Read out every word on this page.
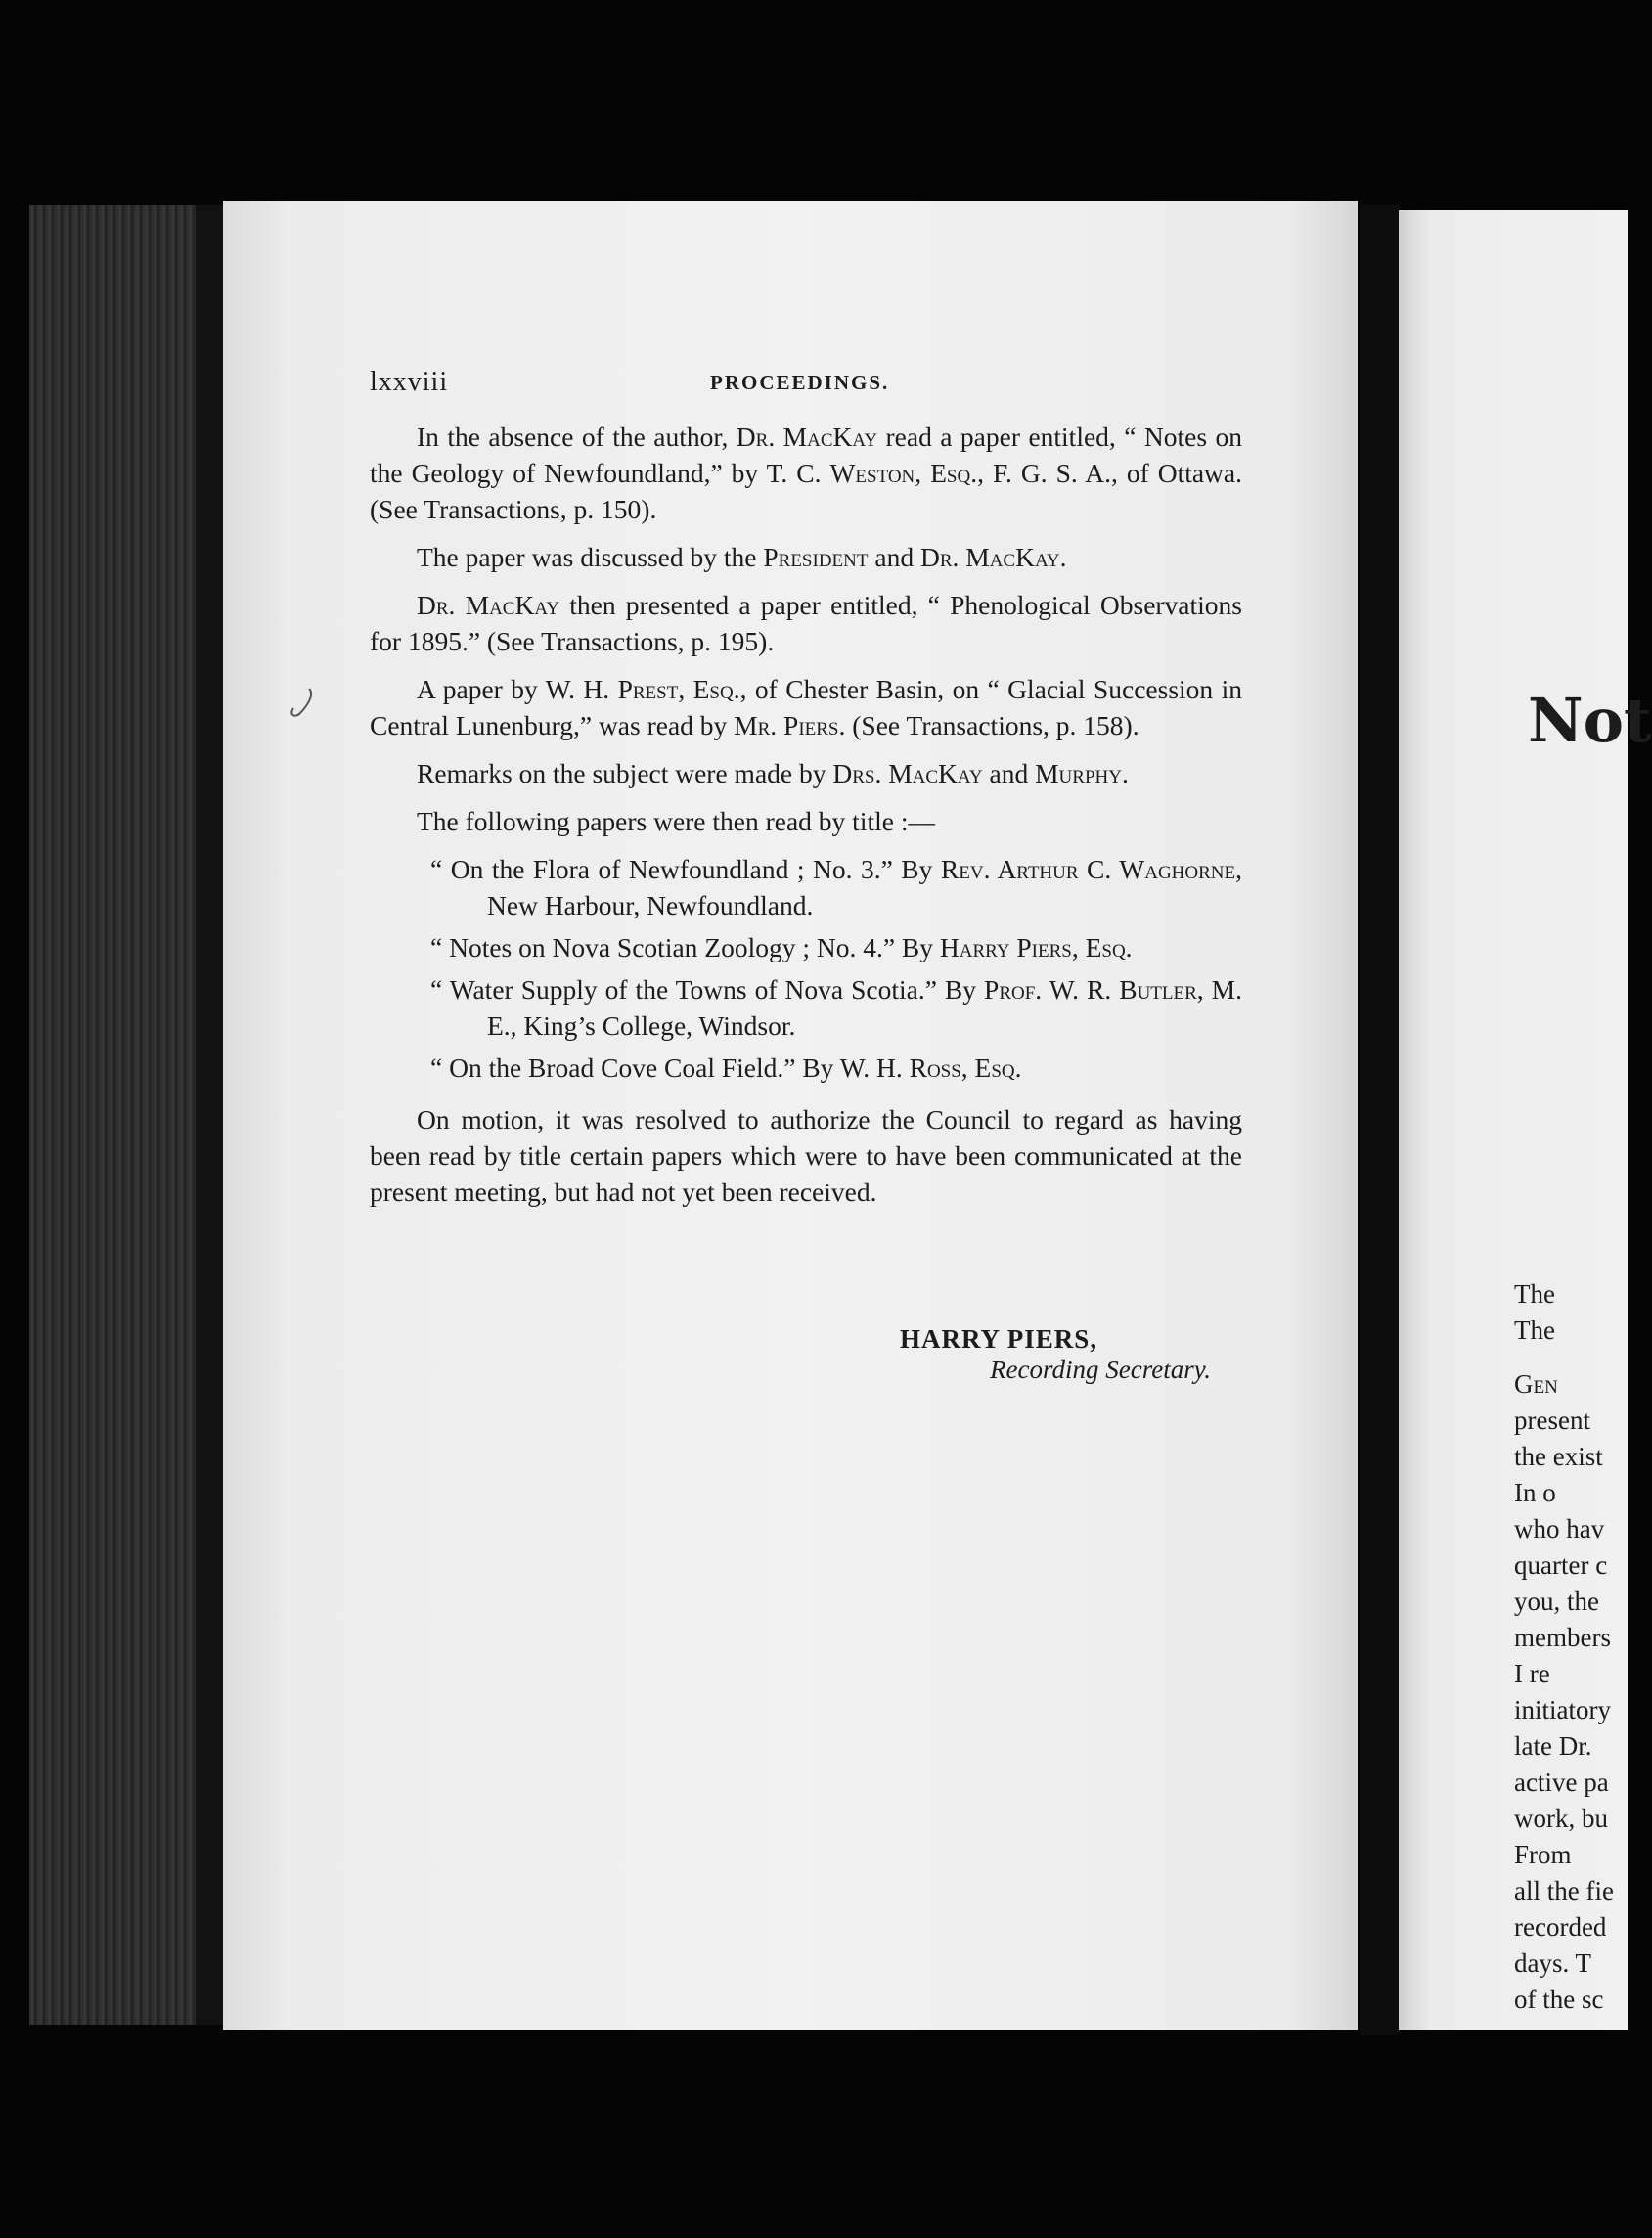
Not
The
The
Gen
present
the exist
In o
who hav
quarter c
you, the
members
I re
initiatory
late Dr.
active pa
work, bu
From
all the fie
recorded
days. T
of the sc
lxxviii	PROCEEDINGS.

In the absence of the author, Dr. MacKay read a paper entitled, “ Notes on the Geology of Newfoundland,” by T. C. Weston, Esq., F. G. S. A., of Ottawa. (See Transactions, p. 150).

The paper was discussed by the President and Dr. MacKay.

Dr. MacKay then presented a paper entitled, “ Phenological Observations for 1895.” (See Transactions, p. 195).

A paper by W. H. Prest, Esq., of Chester Basin, on “ Glacial Succession in Central Lunenburg,” was read by Mr. Piers. (See Transactions, p. 158).

Remarks on the subject were made by Drs. MacKay and Murphy.

The following papers were then read by title :—

“ On the Flora of Newfoundland ; No. 3.” By Rev. Arthur C. Waghorne, New Harbour, Newfoundland.
“ Notes on Nova Scotian Zoology ; No. 4.” By Harry Piers, Esq.
“ Water Supply of the Towns of Nova Scotia.” By Prof. W. R. Butler, M. E., King’s College, Windsor.
“ On the Broad Cove Coal Field.” By W. H. Ross, Esq.

On motion, it was resolved to authorize the Council to regard as having been read by title certain papers which were to have been communicated at the present meeting, but had not yet been received.

HARRY PIERS,
Recording Secretary.
